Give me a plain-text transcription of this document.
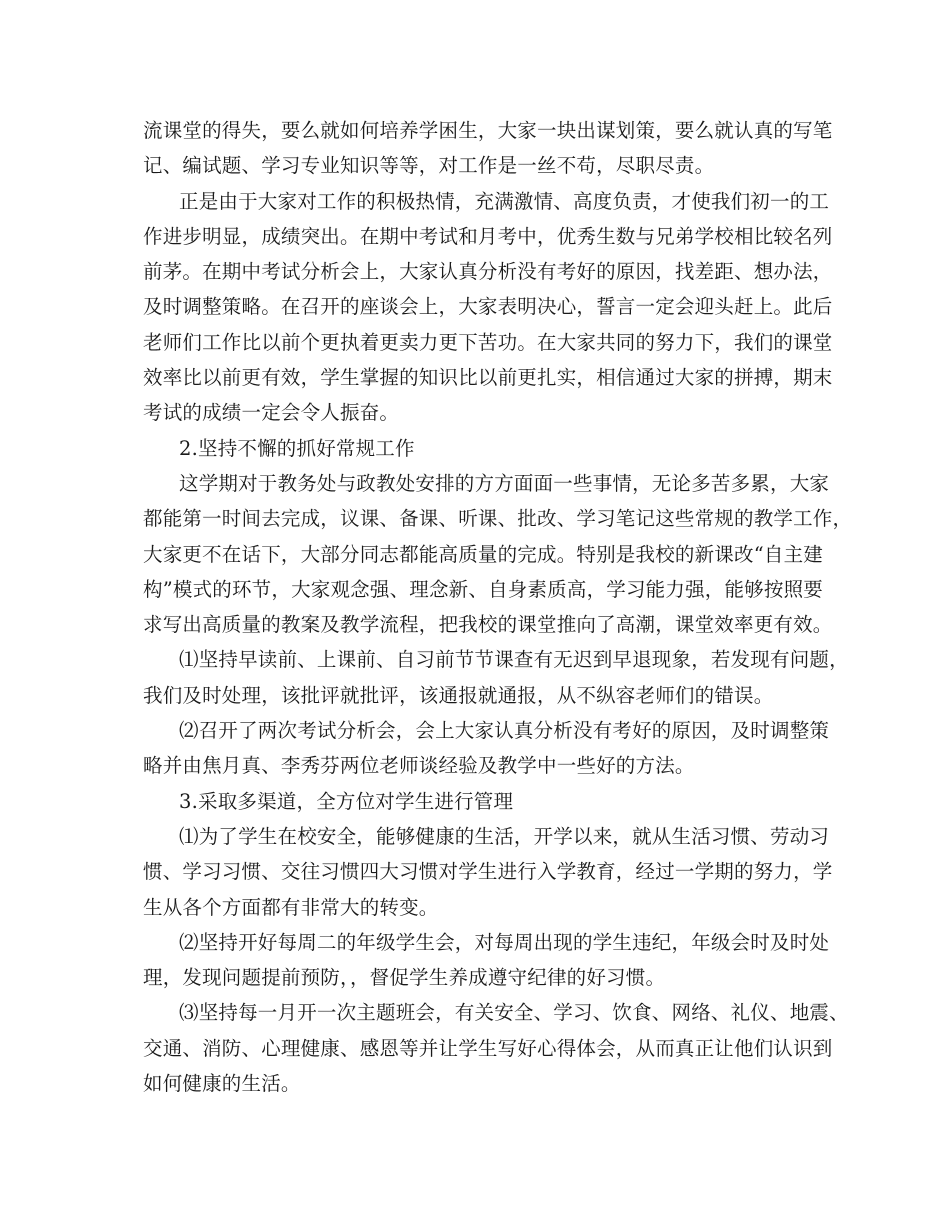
流课堂的得失，要么就如何培养学困生，大家一块出谋划策，要么就认真的写笔
记、编试题、学习专业知识等等，对工作是一丝不苟，尽职尽责。
正是由于大家对工作的积极热情，充满激情、高度负责，才使我们初一的工
作进步明显，成绩突出。在期中考试和月考中，优秀生数与兄弟学校相比较名列
前茅。在期中考试分析会上，大家认真分析没有考好的原因，找差距、想办法，
及时调整策略。在召开的座谈会上，大家表明决心，誓言一定会迎头赶上。此后
老师们工作比以前个更执着更卖力更下苦功。在大家共同的努力下，我们的课堂
效率比以前更有效，学生掌握的知识比以前更扎实，相信通过大家的拼搏，期末
考试的成绩一定会令人振奋。
2.坚持不懈的抓好常规工作
这学期对于教务处与政教处安排的方方面面一些事情，无论多苦多累，大家
都能第一时间去完成，议课、备课、听课、批改、学习笔记这些常规的教学工作，
大家更不在话下，大部分同志都能高质量的完成。特别是我校的新课改“自主建
构”模式的环节，大家观念强、理念新、自身素质高，学习能力强，能够按照要
求写出高质量的教案及教学流程，把我校的课堂推向了高潮，课堂效率更有效。
⑴坚持早读前、上课前、自习前节节课查有无迟到早退现象，若发现有问题，
我们及时处理，该批评就批评，该通报就通报，从不纵容老师们的错误。
⑵召开了两次考试分析会，会上大家认真分析没有考好的原因，及时调整策
略并由焦月真、李秀芬两位老师谈经验及教学中一些好的方法。
3.采取多渠道，全方位对学生进行管理
⑴为了学生在校安全，能够健康的生活，开学以来，就从生活习惯、劳动习
惯、学习习惯、交往习惯四大习惯对学生进行入学教育，经过一学期的努力，学
生从各个方面都有非常大的转变。
⑵坚持开好每周二的年级学生会，对每周出现的学生违纪，年级会时及时处
理，发现问题提前预防，，督促学生养成遵守纪律的好习惯。
⑶坚持每一月开一次主题班会，有关安全、学习、饮食、网络、礼仪、地震、
交通、消防、心理健康、感恩等并让学生写好心得体会，从而真正让他们认识到
如何健康的生活。
